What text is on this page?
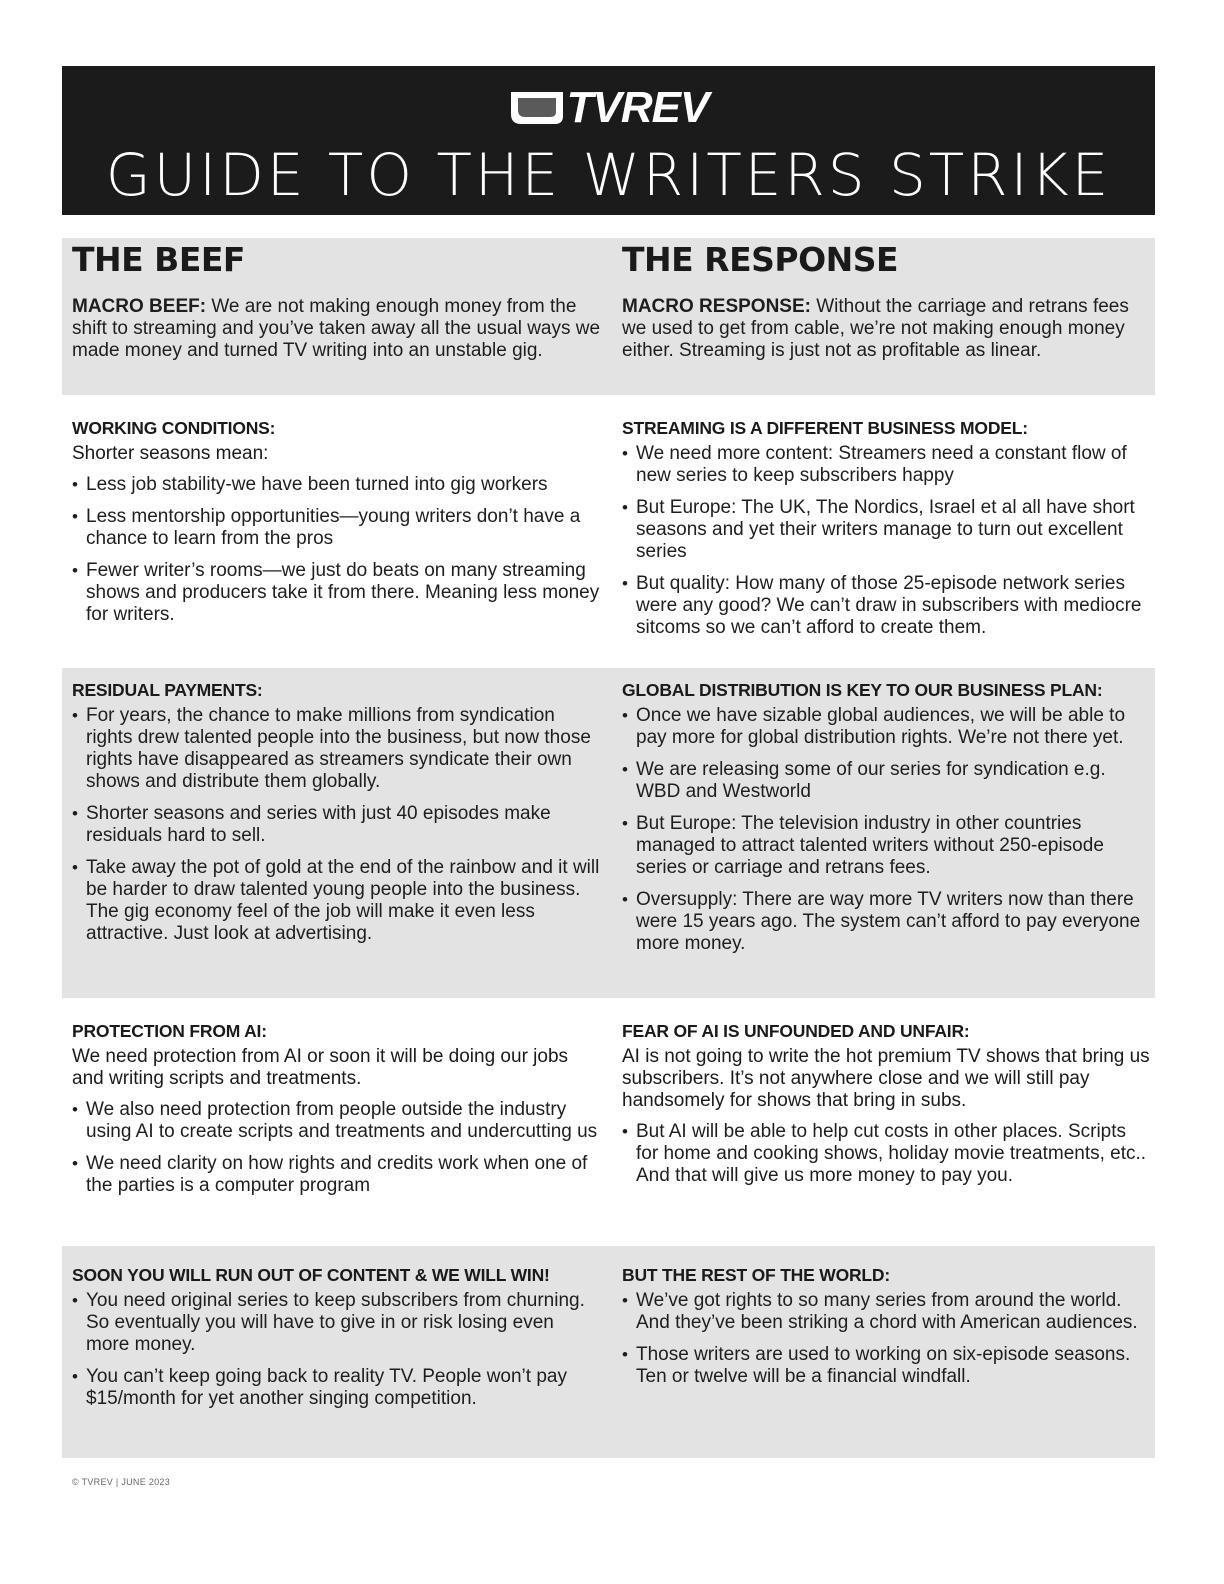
TVREV
GUIDE TO THE WRITERS STRIKE
THE BEEF

MACRO BEEF: We are not making enough money from the shift to streaming and you’ve taken away all the usual ways we made money and turned TV writing into an unstable gig.

THE RESPONSE

MACRO RESPONSE: Without the carriage and retrans fees we used to get from cable, we’re not making enough money either. Streaming is just not as profitable as linear.

WORKING CONDITIONS:
Shorter seasons mean:
• Less job stability-we have been turned into gig workers
• Less mentorship opportunities—young writers don’t have a chance to learn from the pros
• Fewer writer’s rooms—we just do beats on many streaming shows and producers take it from there. Meaning less money for writers.
STREAMING IS A DIFFERENT BUSINESS MODEL:
• We need more content: Streamers need a constant flow of new series to keep subscribers happy
• But Europe: The UK, The Nordics, Israel et al all have short seasons and yet their writers manage to turn out excellent series
• But quality: How many of those 25-episode network series were any good? We can’t draw in subscribers with mediocre sitcoms so we can’t afford to create them.
RESIDUAL PAYMENTS:
• For years, the chance to make millions from syndication rights drew talented people into the business, but now those rights have disappeared as streamers syndicate their own shows and distribute them globally.
• Shorter seasons and series with just 40 episodes make residuals hard to sell.
• Take away the pot of gold at the end of the rainbow and it will be harder to draw talented young people into the business. The gig economy feel of the job will make it even less attractive. Just look at advertising.
GLOBAL DISTRIBUTION IS KEY TO OUR BUSINESS PLAN:
• Once we have sizable global audiences, we will be able to pay more for global distribution rights. We’re not there yet.
• We are releasing some of our series for syndication e.g. WBD and Westworld
• But Europe: The television industry in other countries managed to attract talented writers without 250-episode series or carriage and retrans fees.
• Oversupply: There are way more TV writers now than there were 15 years ago. The system can’t afford to pay everyone more money.
PROTECTION FROM AI:
We need protection from AI or soon it will be doing our jobs and writing scripts and treatments.
• We also need protection from people outside the industry using AI to create scripts and treatments and undercutting us
• We need clarity on how rights and credits work when one of the parties is a computer program
FEAR OF AI IS UNFOUNDED AND UNFAIR:
AI is not going to write the hot premium TV shows that bring us subscribers. It’s not anywhere close and we will still pay handsomely for shows that bring in subs.
• But AI will be able to help cut costs in other places. Scripts for home and cooking shows, holiday movie treatments, etc.. And that will give us more money to pay you.
SOON YOU WILL RUN OUT OF CONTENT & WE WILL WIN!
• You need original series to keep subscribers from churning. So eventually you will have to give in or risk losing even more money.
• You can’t keep going back to reality TV. People won’t pay $15/month for yet another singing competition.
BUT THE REST OF THE WORLD:
• We’ve got rights to so many series from around the world. And they’ve been striking a chord with American audiences.
• Those writers are used to working on six-episode seasons. Ten or twelve will be a financial windfall.
© TVREV | JUNE 2023
